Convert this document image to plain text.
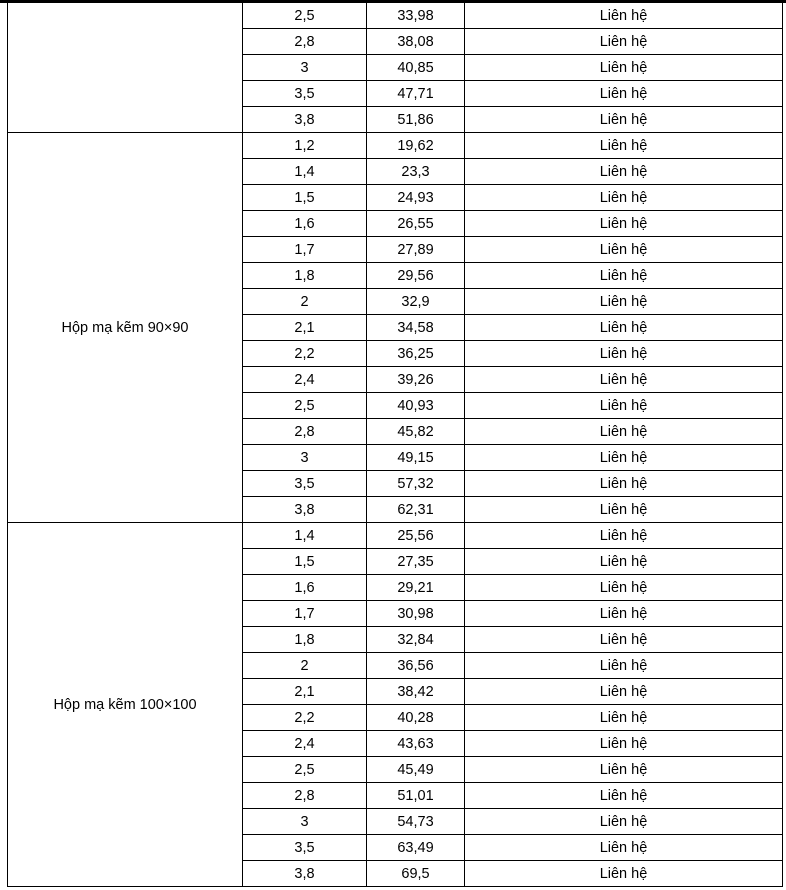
	2,5	33,98	Liên hệ
	2,8	38,08	Liên hệ
	3	40,85	Liên hệ
	3,5	47,71	Liên hệ
	3,8	51,86	Liên hệ
Hộp mạ kẽm 90×90	1,2	19,62	Liên hệ
	1,4	23,3	Liên hệ
	1,5	24,93	Liên hệ
	1,6	26,55	Liên hệ
	1,7	27,89	Liên hệ
	1,8	29,56	Liên hệ
	2	32,9	Liên hệ
	2,1	34,58	Liên hệ
	2,2	36,25	Liên hệ
	2,4	39,26	Liên hệ
	2,5	40,93	Liên hệ
	2,8	45,82	Liên hệ
	3	49,15	Liên hệ
	3,5	57,32	Liên hệ
	3,8	62,31	Liên hệ
Hộp mạ kẽm 100×100	1,4	25,56	Liên hệ
	1,5	27,35	Liên hệ
	1,6	29,21	Liên hệ
	1,7	30,98	Liên hệ
	1,8	32,84	Liên hệ
	2	36,56	Liên hệ
	2,1	38,42	Liên hệ
	2,2	40,28	Liên hệ
	2,4	43,63	Liên hệ
	2,5	45,49	Liên hệ
	2,8	51,01	Liên hệ
	3	54,73	Liên hệ
	3,5	63,49	Liên hệ
	3,8	69,5	Liên hệ
